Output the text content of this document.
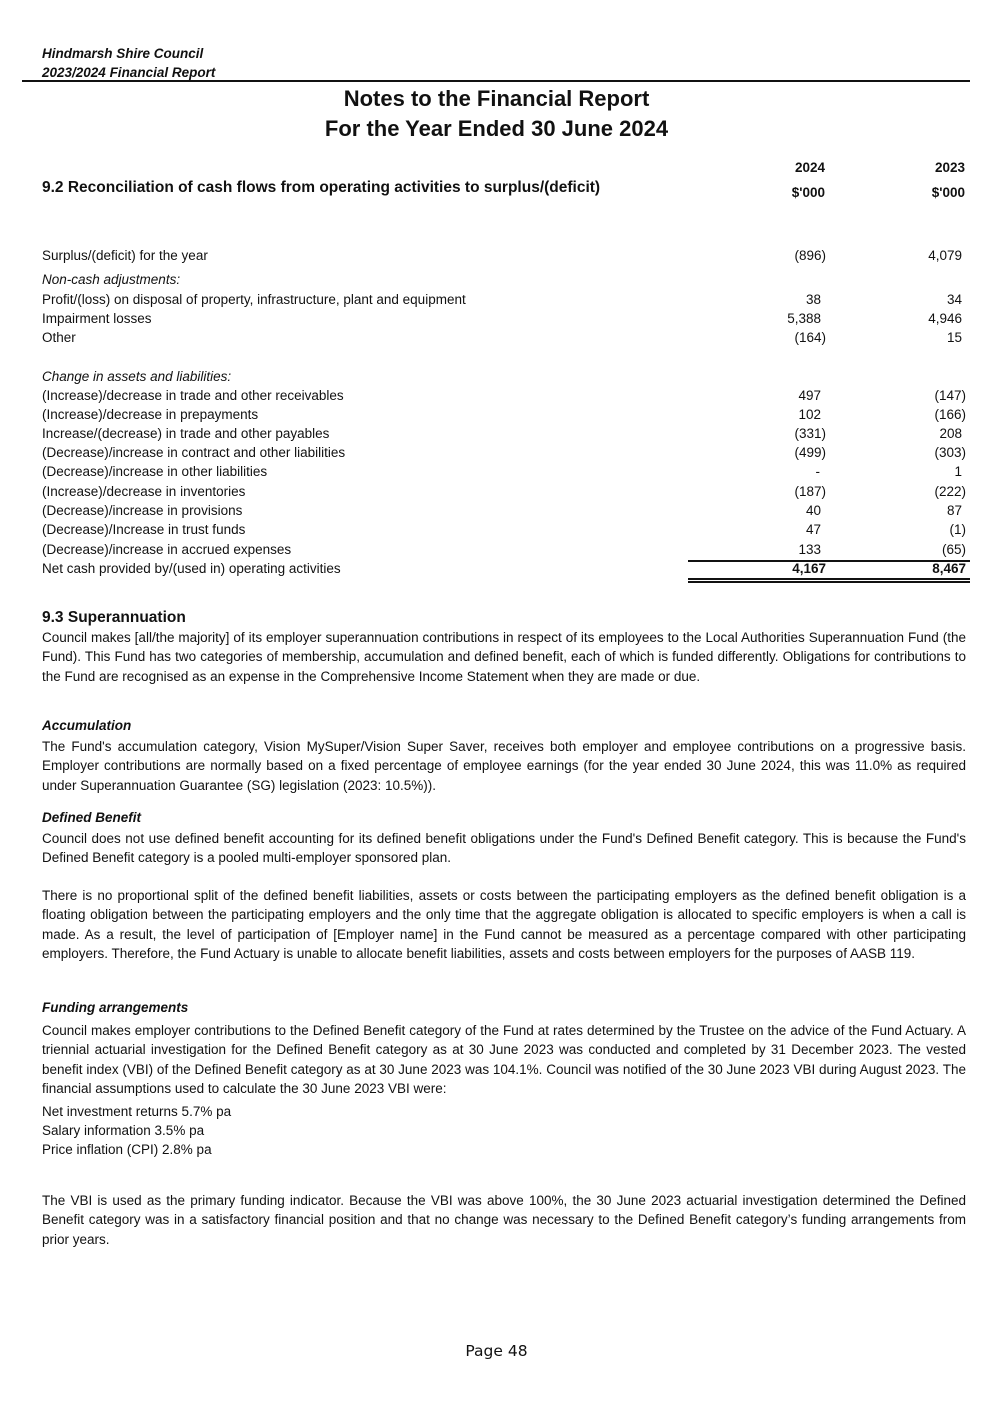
Hindmarsh Shire Council
2023/2024 Financial Report
Notes to the Financial Report
For the Year Ended 30 June 2024
2024	2023
$'000	$'000
9.2 Reconciliation of cash flows from operating activities to surplus/(deficit)
Surplus/(deficit) for the year	(896)	4,079
Non-cash adjustments:
Profit/(loss) on disposal of property, infrastructure, plant and equipment	38	34
Impairment losses	5,388	4,946
Other	(164)	15
Change in assets and liabilities:
(Increase)/decrease in trade and other receivables	497	(147)
(Increase)/decrease in prepayments	102	(166)
Increase/(decrease) in trade and other payables	(331)	208
(Decrease)/increase in contract and other liabilities	(499)	(303)
(Decrease)/increase in other liabilities	-	1
(Increase)/decrease in inventories	(187)	(222)
(Decrease)/increase in provisions	40	87
(Decrease)/Increase in trust funds	47	(1)
(Decrease)/increase in accrued expenses	133	(65)
Net cash provided by/(used in) operating activities	4,167	8,467
9.3 Superannuation
Council makes [all/the majority] of its employer superannuation contributions in respect of its employees to the Local Authorities Superannuation Fund (the Fund). This Fund has two categories of membership, accumulation and defined benefit, each of which is funded differently. Obligations for contributions to the Fund are recognised as an expense in the Comprehensive Income Statement when they are made or due.
Accumulation
The Fund's accumulation category, Vision MySuper/Vision Super Saver, receives both employer and employee contributions on a progressive basis. Employer contributions are normally based on a fixed percentage of employee earnings (for the year ended 30 June 2024, this was 11.0% as required under Superannuation Guarantee (SG) legislation (2023: 10.5%)).
Defined Benefit
Council does not use defined benefit accounting for its defined benefit obligations under the Fund's Defined Benefit category. This is because the Fund's Defined Benefit category is a pooled multi-employer sponsored plan.
There is no proportional split of the defined benefit liabilities, assets or costs between the participating employers as the defined benefit obligation is a floating obligation between the participating employers and the only time that the aggregate obligation is allocated to specific employers is when a call is made. As a result, the level of participation of [Employer name] in the Fund cannot be measured as a percentage compared with other participating employers. Therefore, the Fund Actuary is unable to allocate benefit liabilities, assets and costs between employers for the purposes of AASB 119.
Funding arrangements
Council makes employer contributions to the Defined Benefit category of the Fund at rates determined by the Trustee on the advice of the Fund Actuary. A triennial actuarial investigation for the Defined Benefit category as at 30 June 2023 was conducted and completed by 31 December 2023. The vested benefit index (VBI) of the Defined Benefit category as at 30 June 2023 was 104.1%. Council was notified of the 30 June 2023 VBI during August 2023. The financial assumptions used to calculate the 30 June 2023 VBI were:
Net investment returns 5.7% pa
Salary information 3.5% pa
Price inflation (CPI) 2.8% pa
The VBI is used as the primary funding indicator. Because the VBI was above 100%, the 30 June 2023 actuarial investigation determined the Defined Benefit category was in a satisfactory financial position and that no change was necessary to the Defined Benefit category’s funding arrangements from prior years.
Page 48
